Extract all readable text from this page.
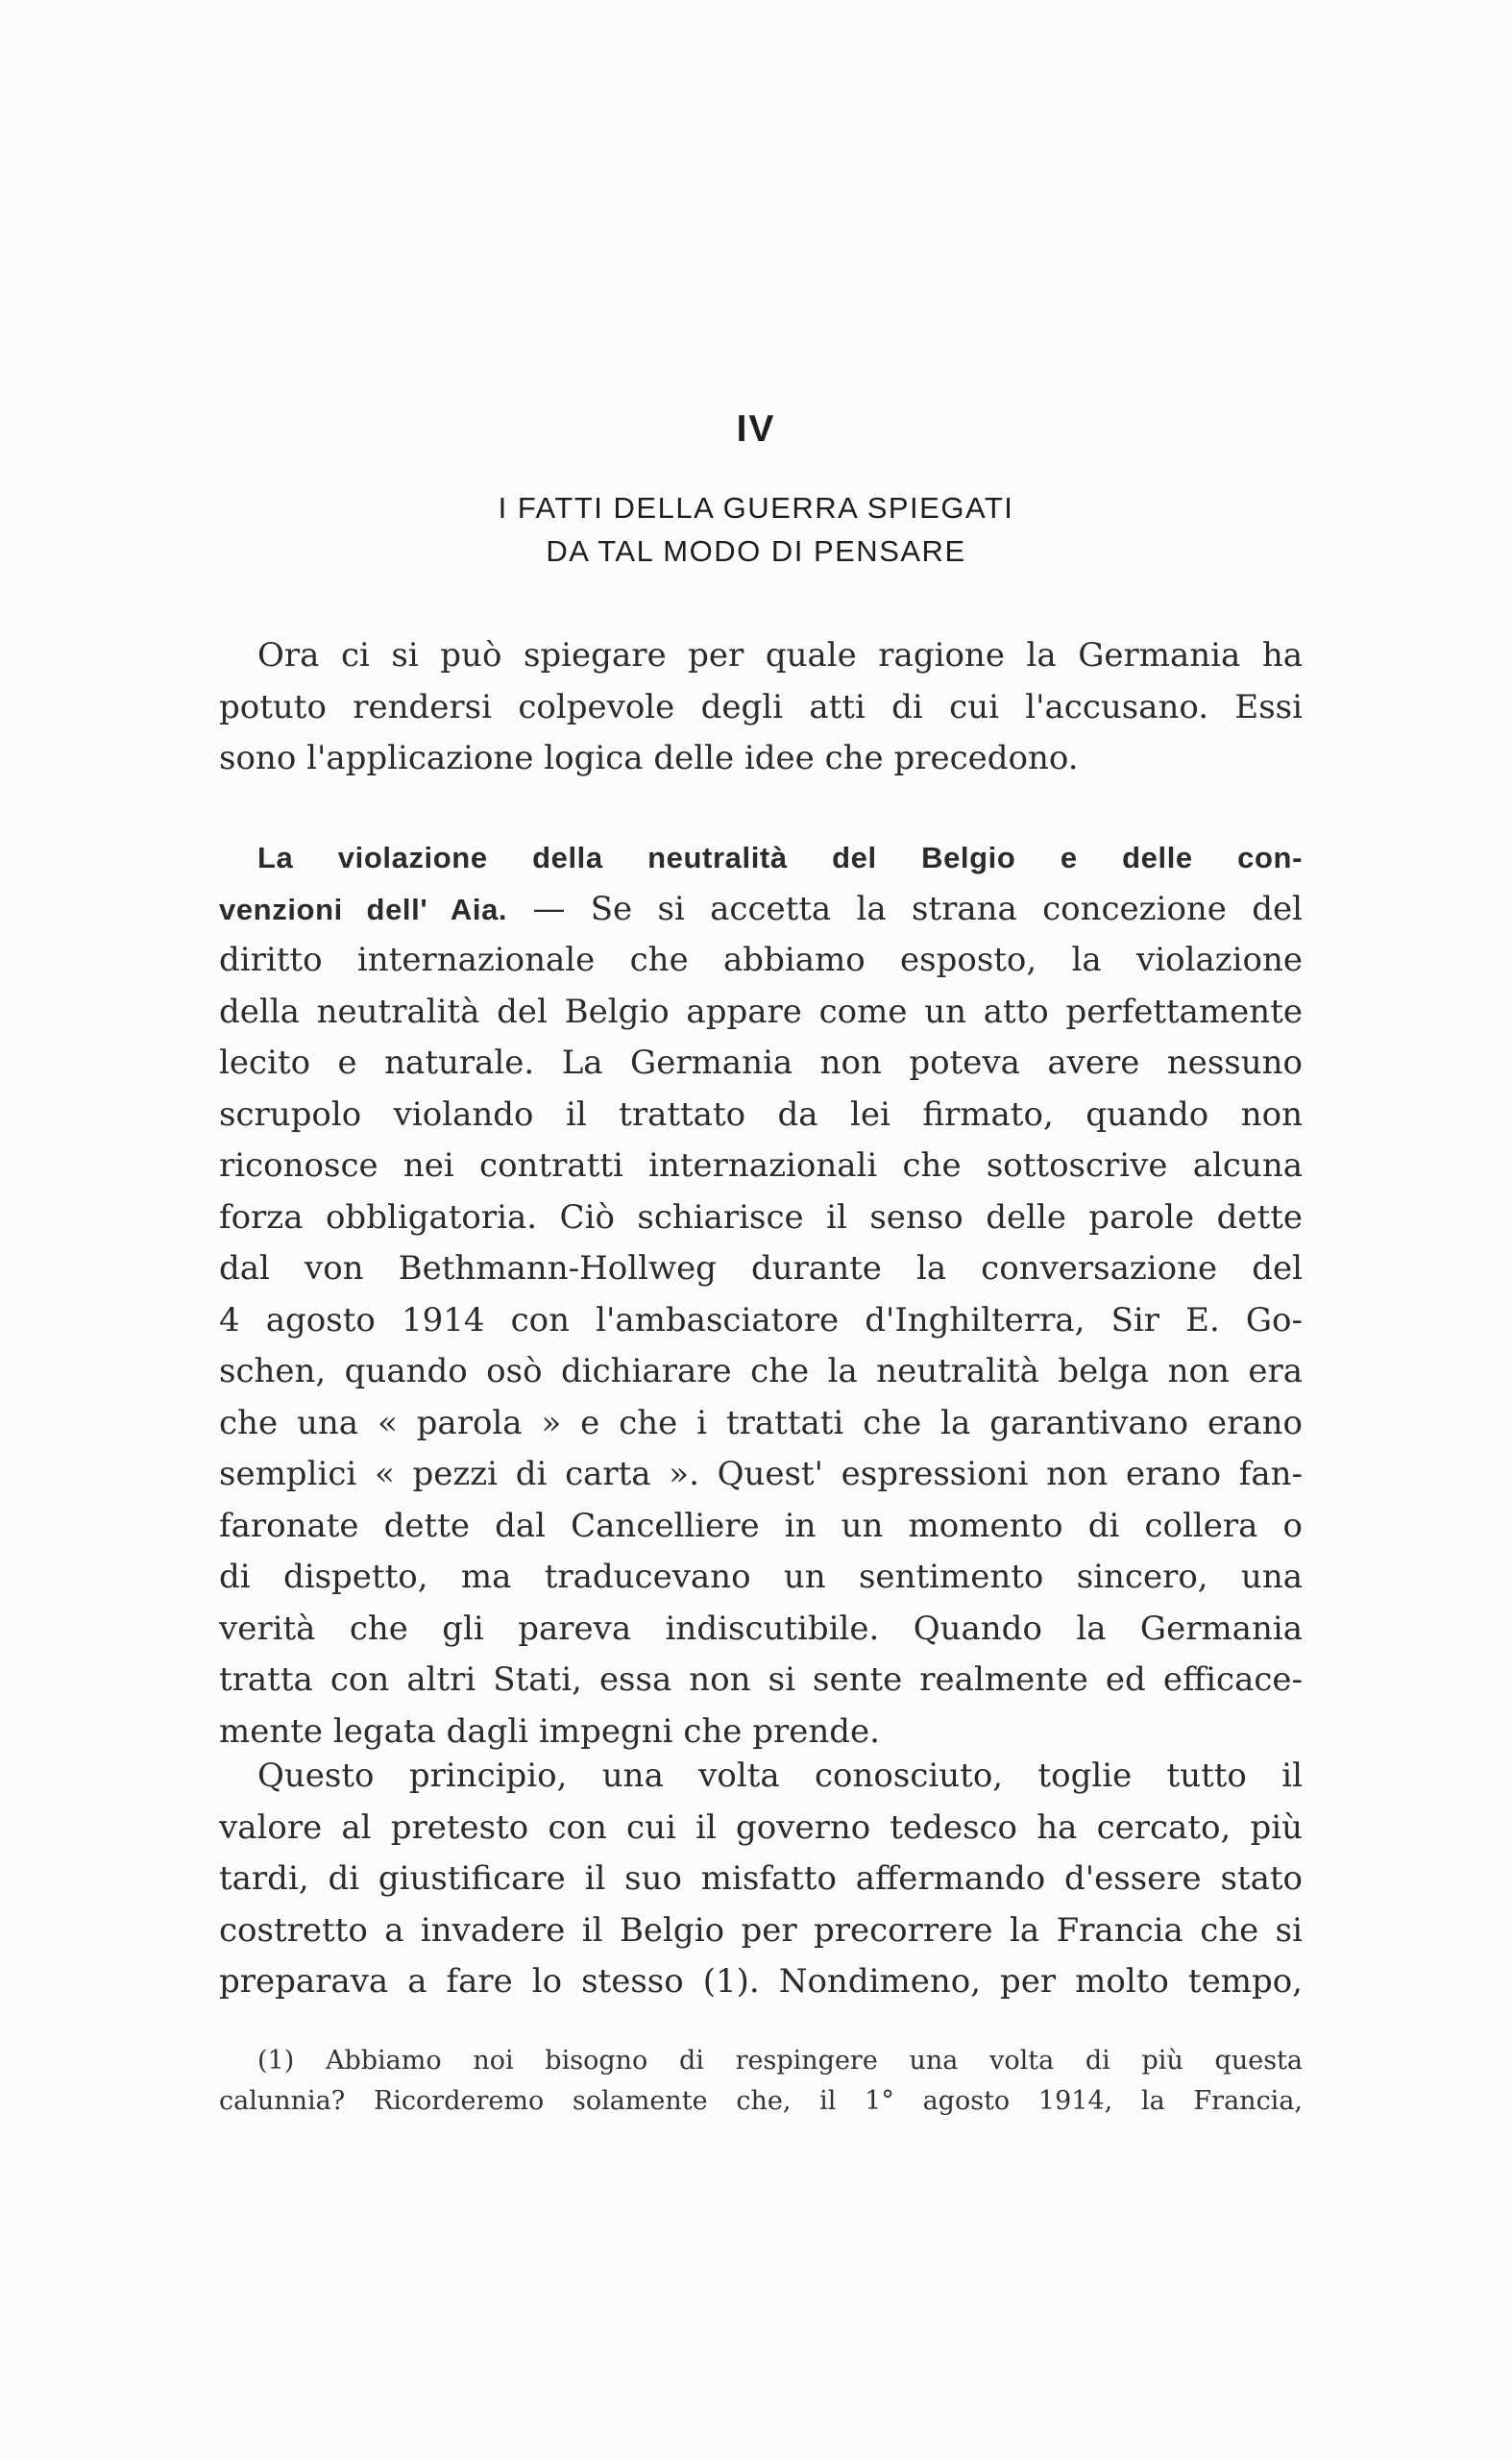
IV
I FATTI DELLA GUERRA SPIEGATI
DA TAL MODO DI PENSARE
Ora ci si può spiegare per quale ragione la Germania ha
potuto rendersi colpevole degli atti di cui l'accusano. Essi
sono l'applicazione logica delle idee che precedono.
La violazione della neutralità del Belgio e delle con-
venzioni dell' Aia. — Se si accetta la strana concezione del
diritto internazionale che abbiamo esposto, la violazione
della neutralità del Belgio appare come un atto perfettamente
lecito e naturale. La Germania non poteva avere nessuno
scrupolo violando il trattato da lei firmato, quando non
riconosce nei contratti internazionali che sottoscrive alcuna
forza obbligatoria. Ciò schiarisce il senso delle parole dette
dal von Bethmann-Hollweg durante la conversazione del
4 agosto 1914 con l'ambasciatore d'Inghilterra, Sir E. Go-
schen, quando osò dichiarare che la neutralità belga non era
che una « parola » e che i trattati che la garantivano erano
semplici « pezzi di carta ». Quest' espressioni non erano fan-
faronate dette dal Cancelliere in un momento di collera o
di dispetto, ma traducevano un sentimento sincero, una
verità che gli pareva indiscutibile. Quando la Germania
tratta con altri Stati, essa non si sente realmente ed efficace-
mente legata dagli impegni che prende.
Questo principio, una volta conosciuto, toglie tutto il
valore al pretesto con cui il governo tedesco ha cercato, più
tardi, di giustificare il suo misfatto affermando d'essere stato
costretto a invadere il Belgio per precorrere la Francia che si
preparava a fare lo stesso (1). Nondimeno, per molto tempo,
(1) Abbiamo noi bisogno di respingere una volta di più questa
calunnia? Ricorderemo solamente che, il 1° agosto 1914, la Francia,
